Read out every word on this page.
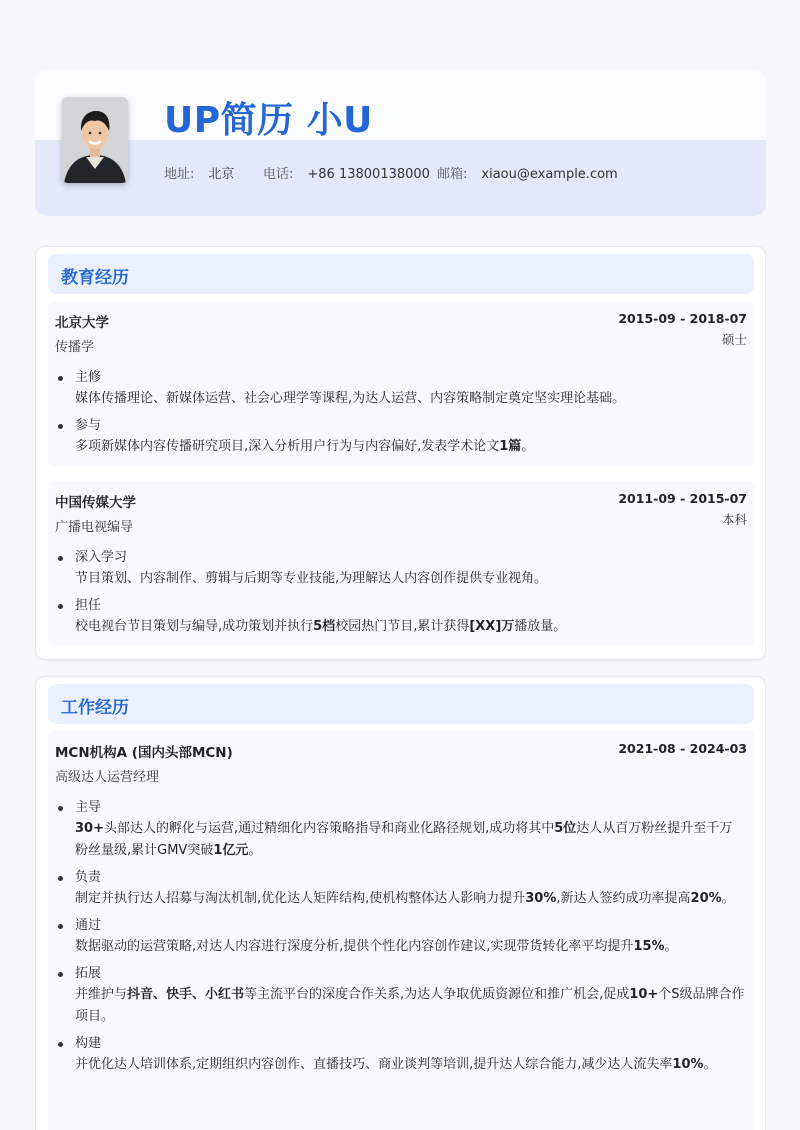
UP简历 小U
地址: 北京 电话: +86 13800138000 邮箱: xiaou@example.com
教育经历
北京大学	2015-09 - 2018-07
硕士
传播学
主修
媒体传播理论、新媒体运营、社会心理学等课程,为达人运营、内容策略制定奠定坚实理论基础。
参与
多项新媒体内容传播研究项目,深入分析用户行为与内容偏好,发表学术论文1篇。
中国传媒大学	2011-09 - 2015-07
本科
广播电视编导
深入学习
节目策划、内容制作、剪辑与后期等专业技能,为理解达人内容创作提供专业视角。
担任
校电视台节目策划与编导,成功策划并执行5档校园热门节目,累计获得[XX]万播放量。
工作经历
MCN机构A (国内头部MCN)	2021-08 - 2024-03
高级达人运营经理
主导
30+头部达人的孵化与运营,通过精细化内容策略指导和商业化路径规划,成功将其中5位达人从百万粉丝提升至千万粉丝量级,累计GMV突破1亿元。
负责
制定并执行达人招募与淘汰机制,优化达人矩阵结构,使机构整体达人影响力提升30%,新达人签约成功率提高20%。
通过
数据驱动的运营策略,对达人内容进行深度分析,提供个性化内容创作建议,实现带货转化率平均提升15%。
拓展
并维护与抖音、快手、小红书等主流平台的深度合作关系,为达人争取优质资源位和推广机会,促成10+个S级品牌合作项目。
构建
并优化达人培训体系,定期组织内容创作、直播技巧、商业谈判等培训,提升达人综合能力,减少达人流失率10%。
